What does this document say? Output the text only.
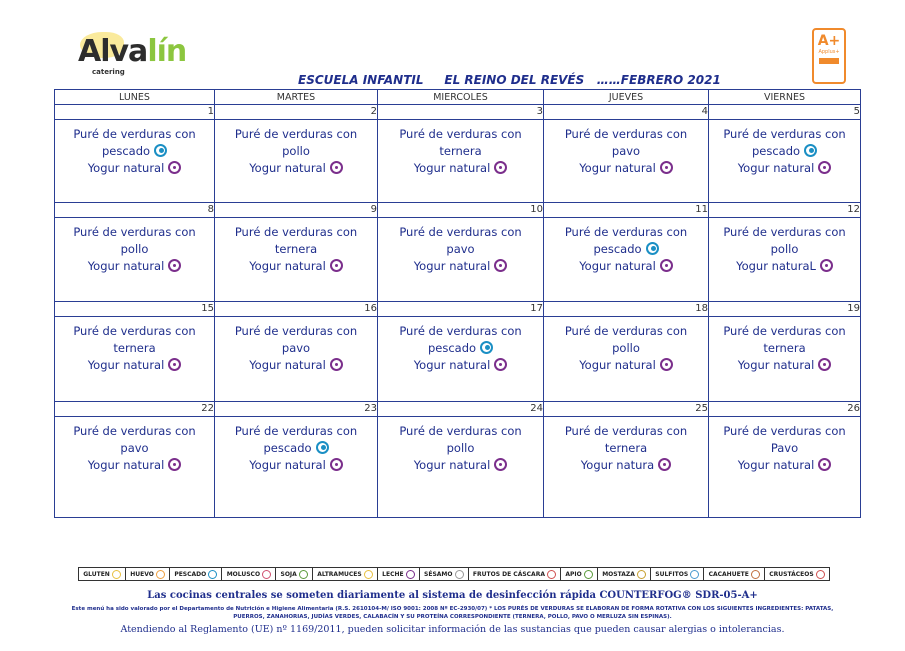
Alvalín
catering
A+
Applus+
ESCUELA INFANTIL     EL REINO DEL REVÉS   ……FEBRERO 2021
LUNES	MARTES	MIERCOLES	JUEVES	VIERNES
1	2	3	4	5

Puré de verduras con
pescado
Yogur natural	Puré de verduras con
pollo
Yogur natural	Puré de verduras con
ternera
Yogur natural	Puré de verduras con
pavo
Yogur natural	Puré de verduras con
pescado
Yogur natural

8	9	10	11	12

Puré de verduras con
pollo
Yogur natural	Puré de verduras con
ternera
Yogur natural	Puré de verduras con
pavo
Yogur natural	Puré de verduras con
pescado
Yogur natural	Puré de verduras con
pollo
Yogur naturaL

15	16	17	18	19

Puré de verduras con
ternera
Yogur natural	Puré de verduras con
pavo
Yogur natural	Puré de verduras con
pescado
Yogur natural	Puré de verduras con
pollo
Yogur natural	Puré de verduras con
ternera
Yogur natural

22	23	24	25	26

Puré de verduras con
pavo
Yogur natural	Puré de verduras con
pescado
Yogur natural	Puré de verduras con
pollo
Yogur natural	Puré de verduras con
ternera
Yogur natura	Puré de verduras con
Pavo
Yogur natural
GLUTEN	HUEVO	PESCADO	MOLUSCO	SOJA	ALTRAMUCES	LECHE	SÉSAMO	FRUTOS DE CÁSCARA	APIO	MOSTAZA	SULFITOS	CACAHUETE	CRUSTÁCEOS
Las cocinas centrales se someten diariamente al sistema de desinfección rápida COUNTERFOG® SDR-05-A+
Este menú ha sido valorado por el Departamento de Nutrición e Higiene Alimentaria (R.S. 2610104-M/ ISO 9001: 2008 Nº EC-2930/07) * LOS PURÉS DE VERDURAS SE ELABORAN DE FORMA ROTATIVA CON LOS SIGUIENTES INGREDIENTES: PATATAS, PUERROS, ZANAHORIAS, JUDÍAS VERDES, CALABACÍN Y SU PROTEÍNA CORRESPONDIENTE (TERNERA, POLLO, PAVO O MERLUZA SIN ESPINAS).
Atendiendo al Reglamento (UE) nº 1169/2011, pueden solicitar información de las sustancias que pueden causar alergias o intolerancias.
